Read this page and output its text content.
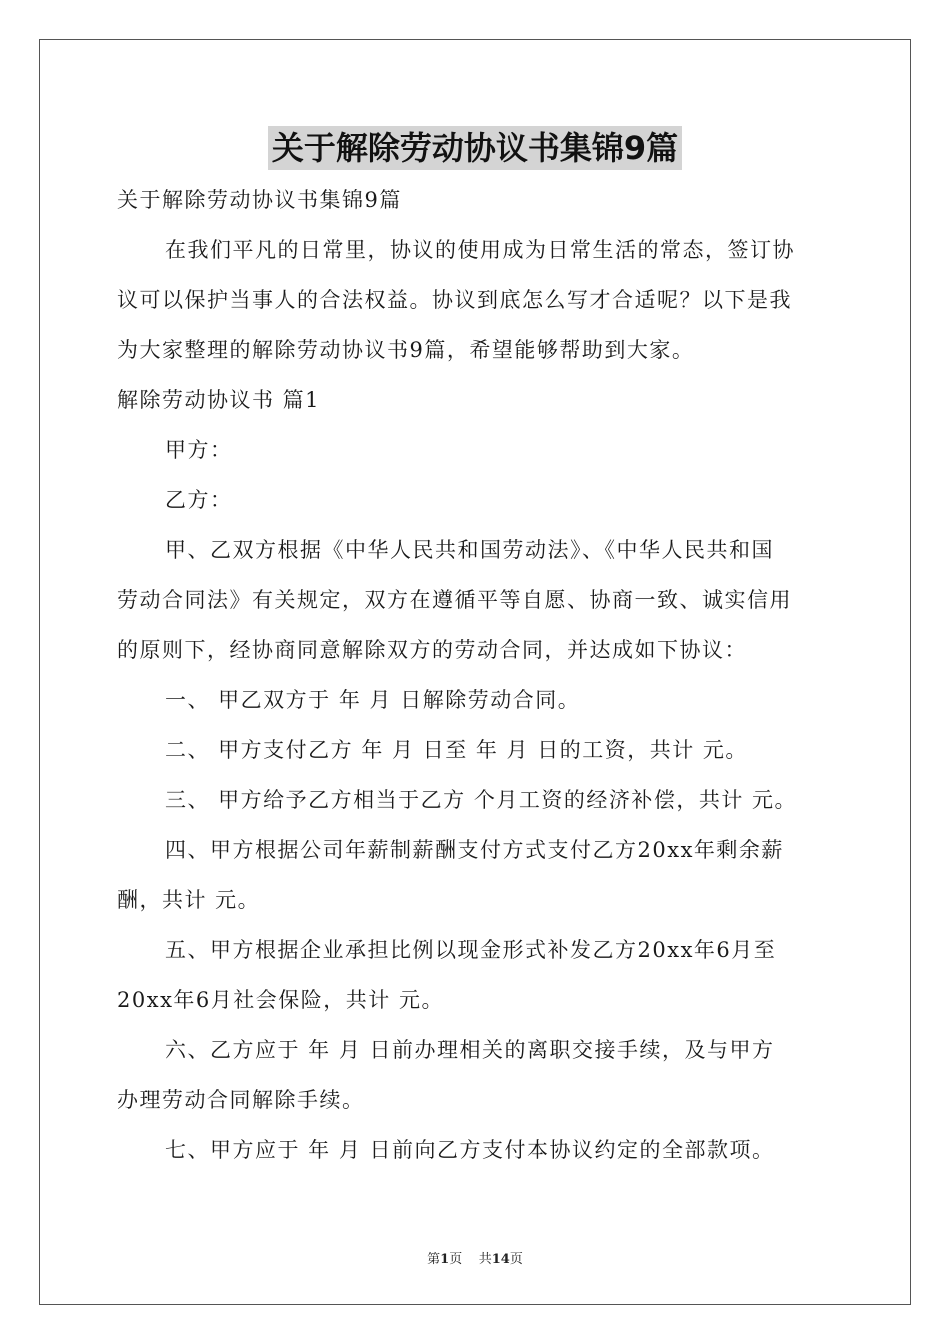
关于解除劳动协议书集锦9篇

关于解除劳动协议书集锦9篇

在我们平凡的日常里，协议的使用成为日常生活的常态，签订协

议可以保护当事人的合法权益。协议到底怎么写才合适呢？以下是我

为大家整理的解除劳动协议书9篇，希望能够帮助到大家。

解除劳动协议书 篇1

甲方：

乙方：

甲、乙双方根据《中华人民共和国劳动法》、《中华人民共和国

劳动合同法》有关规定，双方在遵循平等自愿、协商一致、诚实信用

的原则下，经协商同意解除双方的劳动合同，并达成如下协议：

一、 甲乙双方于 年 月 日解除劳动合同。

二、 甲方支付乙方 年 月 日至 年 月 日的工资，共计 元。

三、 甲方给予乙方相当于乙方 个月工资的经济补偿，共计 元。

四、甲方根据公司年薪制薪酬支付方式支付乙方20xx年剩余薪

酬，共计 元。

五、甲方根据企业承担比例以现金形式补发乙方20xx年6月至

20xx年6月社会保险，共计 元。

六、乙方应于 年 月 日前办理相关的离职交接手续，及与甲方

办理劳动合同解除手续。

七、甲方应于 年 月 日前向乙方支付本协议约定的全部款项。

第1页 共14页
